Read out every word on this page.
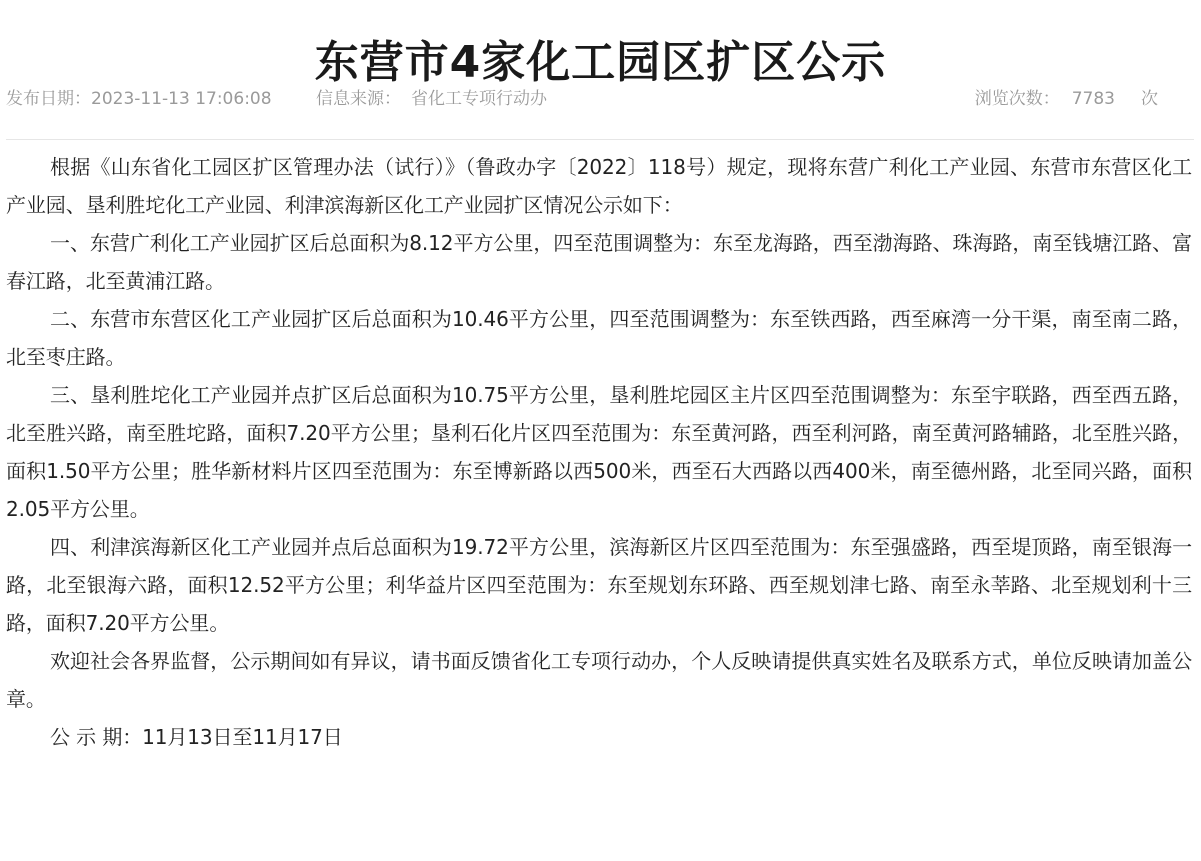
东营市4家化工园区扩区公示
发布日期：2023-11-13 17:06:08	信息来源： 省化工专项行动办	浏览次数： 7783 次

根据《山东省化工园区扩区管理办法（试行）》（鲁政办字〔2022〕118号）规定，现将东营广利化工产业园、东营市东营区化工产业园、垦利胜坨化工产业园、利津滨海新区化工产业园扩区情况公示如下：

一、东营广利化工产业园扩区后总面积为8.12平方公里，四至范围调整为：东至龙海路，西至渤海路、珠海路，南至钱塘江路、富春江路，北至黄浦江路。

二、东营市东营区化工产业园扩区后总面积为10.46平方公里，四至范围调整为：东至铁西路，西至麻湾一分干渠，南至南二路，北至枣庄路。

三、垦利胜坨化工产业园并点扩区后总面积为10.75平方公里，垦利胜坨园区主片区四至范围调整为：东至宇联路，西至西五路，北至胜兴路，南至胜坨路，面积7.20平方公里；垦利石化片区四至范围为：东至黄河路，西至利河路，南至黄河路辅路，北至胜兴路，面积1.50平方公里；胜华新材料片区四至范围为：东至博新路以西500米，西至石大西路以西400米，南至德州路，北至同兴路，面积2.05平方公里。

四、利津滨海新区化工产业园并点后总面积为19.72平方公里，滨海新区片区四至范围为：东至强盛路，西至堤顶路，南至银海一路，北至银海六路，面积12.52平方公里；利华益片区四至范围为：东至规划东环路、西至规划津七路、南至永莘路、北至规划利十三路，面积7.20平方公里。

欢迎社会各界监督，公示期间如有异议，请书面反馈省化工专项行动办，个人反映请提供真实姓名及联系方式，单位反映请加盖公章。

公 示 期：11月13日至11月17日
